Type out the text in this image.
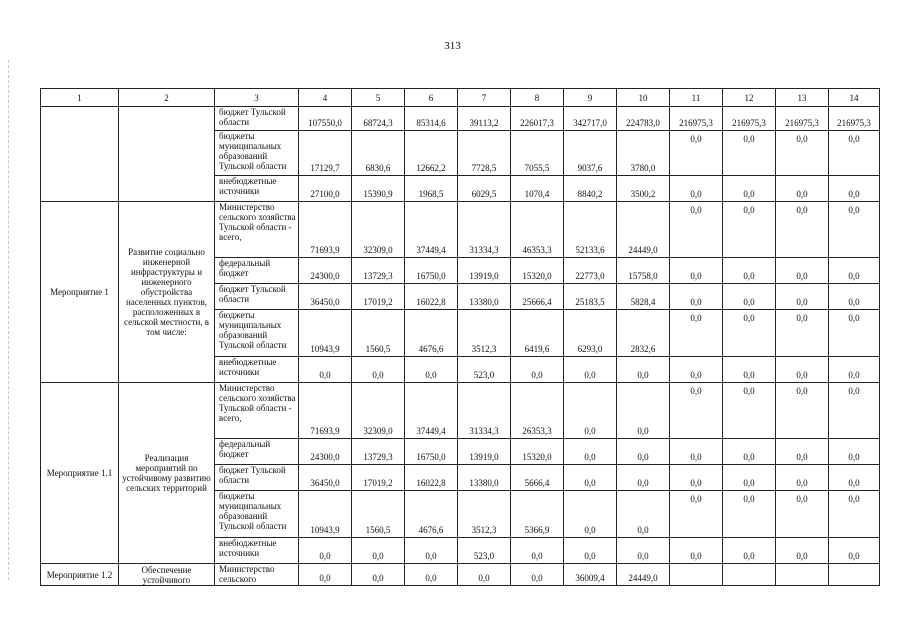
313
1	2	3	4	5	6	7	8	9	10	11	12	13	14
		бюджет Тульской области	107550,0	68724,3	85314,6	39113,2	226017,3	342717,0	224783,0	216975,3	216975,3	216975,3	216975,3
		бюджеты муниципальных образований Тульской области	17129,7	6830,6	12662,2	7728,5	7055,5	9037,6	3780,0	0,0	0,0	0,0	0,0
		внебюджетные источники	27100,0	15390,9	1968,5	6029,5	1070,4	8840,2	3500,2	0,0	0,0	0,0	0,0
Мероприятие 1	Развитие социально инженерной инфраструктуры и инженерного обустройства населенных пунктов, расположенных в сельской местности, в том числе:	Министерство сельского хозяйства Тульской области - всего,	71693,9	32309,0	37449,4	31334,3	46353,3	52133,6	24449,0	0,0	0,0	0,0	0,0
		федеральный бюджет	24300,0	13729,3	16750,0	13919,0	15320,0	22773,0	15758,0	0,0	0,0	0,0	0,0
		бюджет Тульской области	36450,0	17019,2	16022,8	13380,0	25666,4	25183,5	5828,4	0,0	0,0	0,0	0,0
		бюджеты муниципальных образований Тульской области	10943,9	1560,5	4676,6	3512,3	6419,6	6293,0	2832,6	0,0	0,0	0,0	0,0
		внебюджетные источники	0,0	0,0	0,0	523,0	0,0	0,0	0,0	0,0	0,0	0,0	0,0
Мероприятие 1.1	Реализация мероприятий по устойчивому развитию сельских территорий	Министерство сельского хозяйства Тульской области - всего,	71693,9	32309,0	37449,4	31334,3	26353,3	0,0	0,0	0,0	0,0	0,0	0,0
		федеральный бюджет	24300,0	13729,3	16750,0	13919,0	15320,0	0,0	0,0	0,0	0,0	0,0	0,0
		бюджет Тульской области	36450,0	17019,2	16022,8	13380,0	5666,4	0,0	0,0	0,0	0,0	0,0	0,0
		бюджеты муниципальных образований Тульской области	10943,9	1560,5	4676,6	3512,3	5366,9	0,0	0,0	0,0	0,0	0,0	0,0
		внебюджетные источники	0,0	0,0	0,0	523,0	0,0	0,0	0,0	0,0	0,0	0,0	0,0
Мероприятие 1.2	Обеспечение устойчивого	Министерство сельского	0,0	0,0	0,0	0,0	0,0	36009,4	24449,0				
